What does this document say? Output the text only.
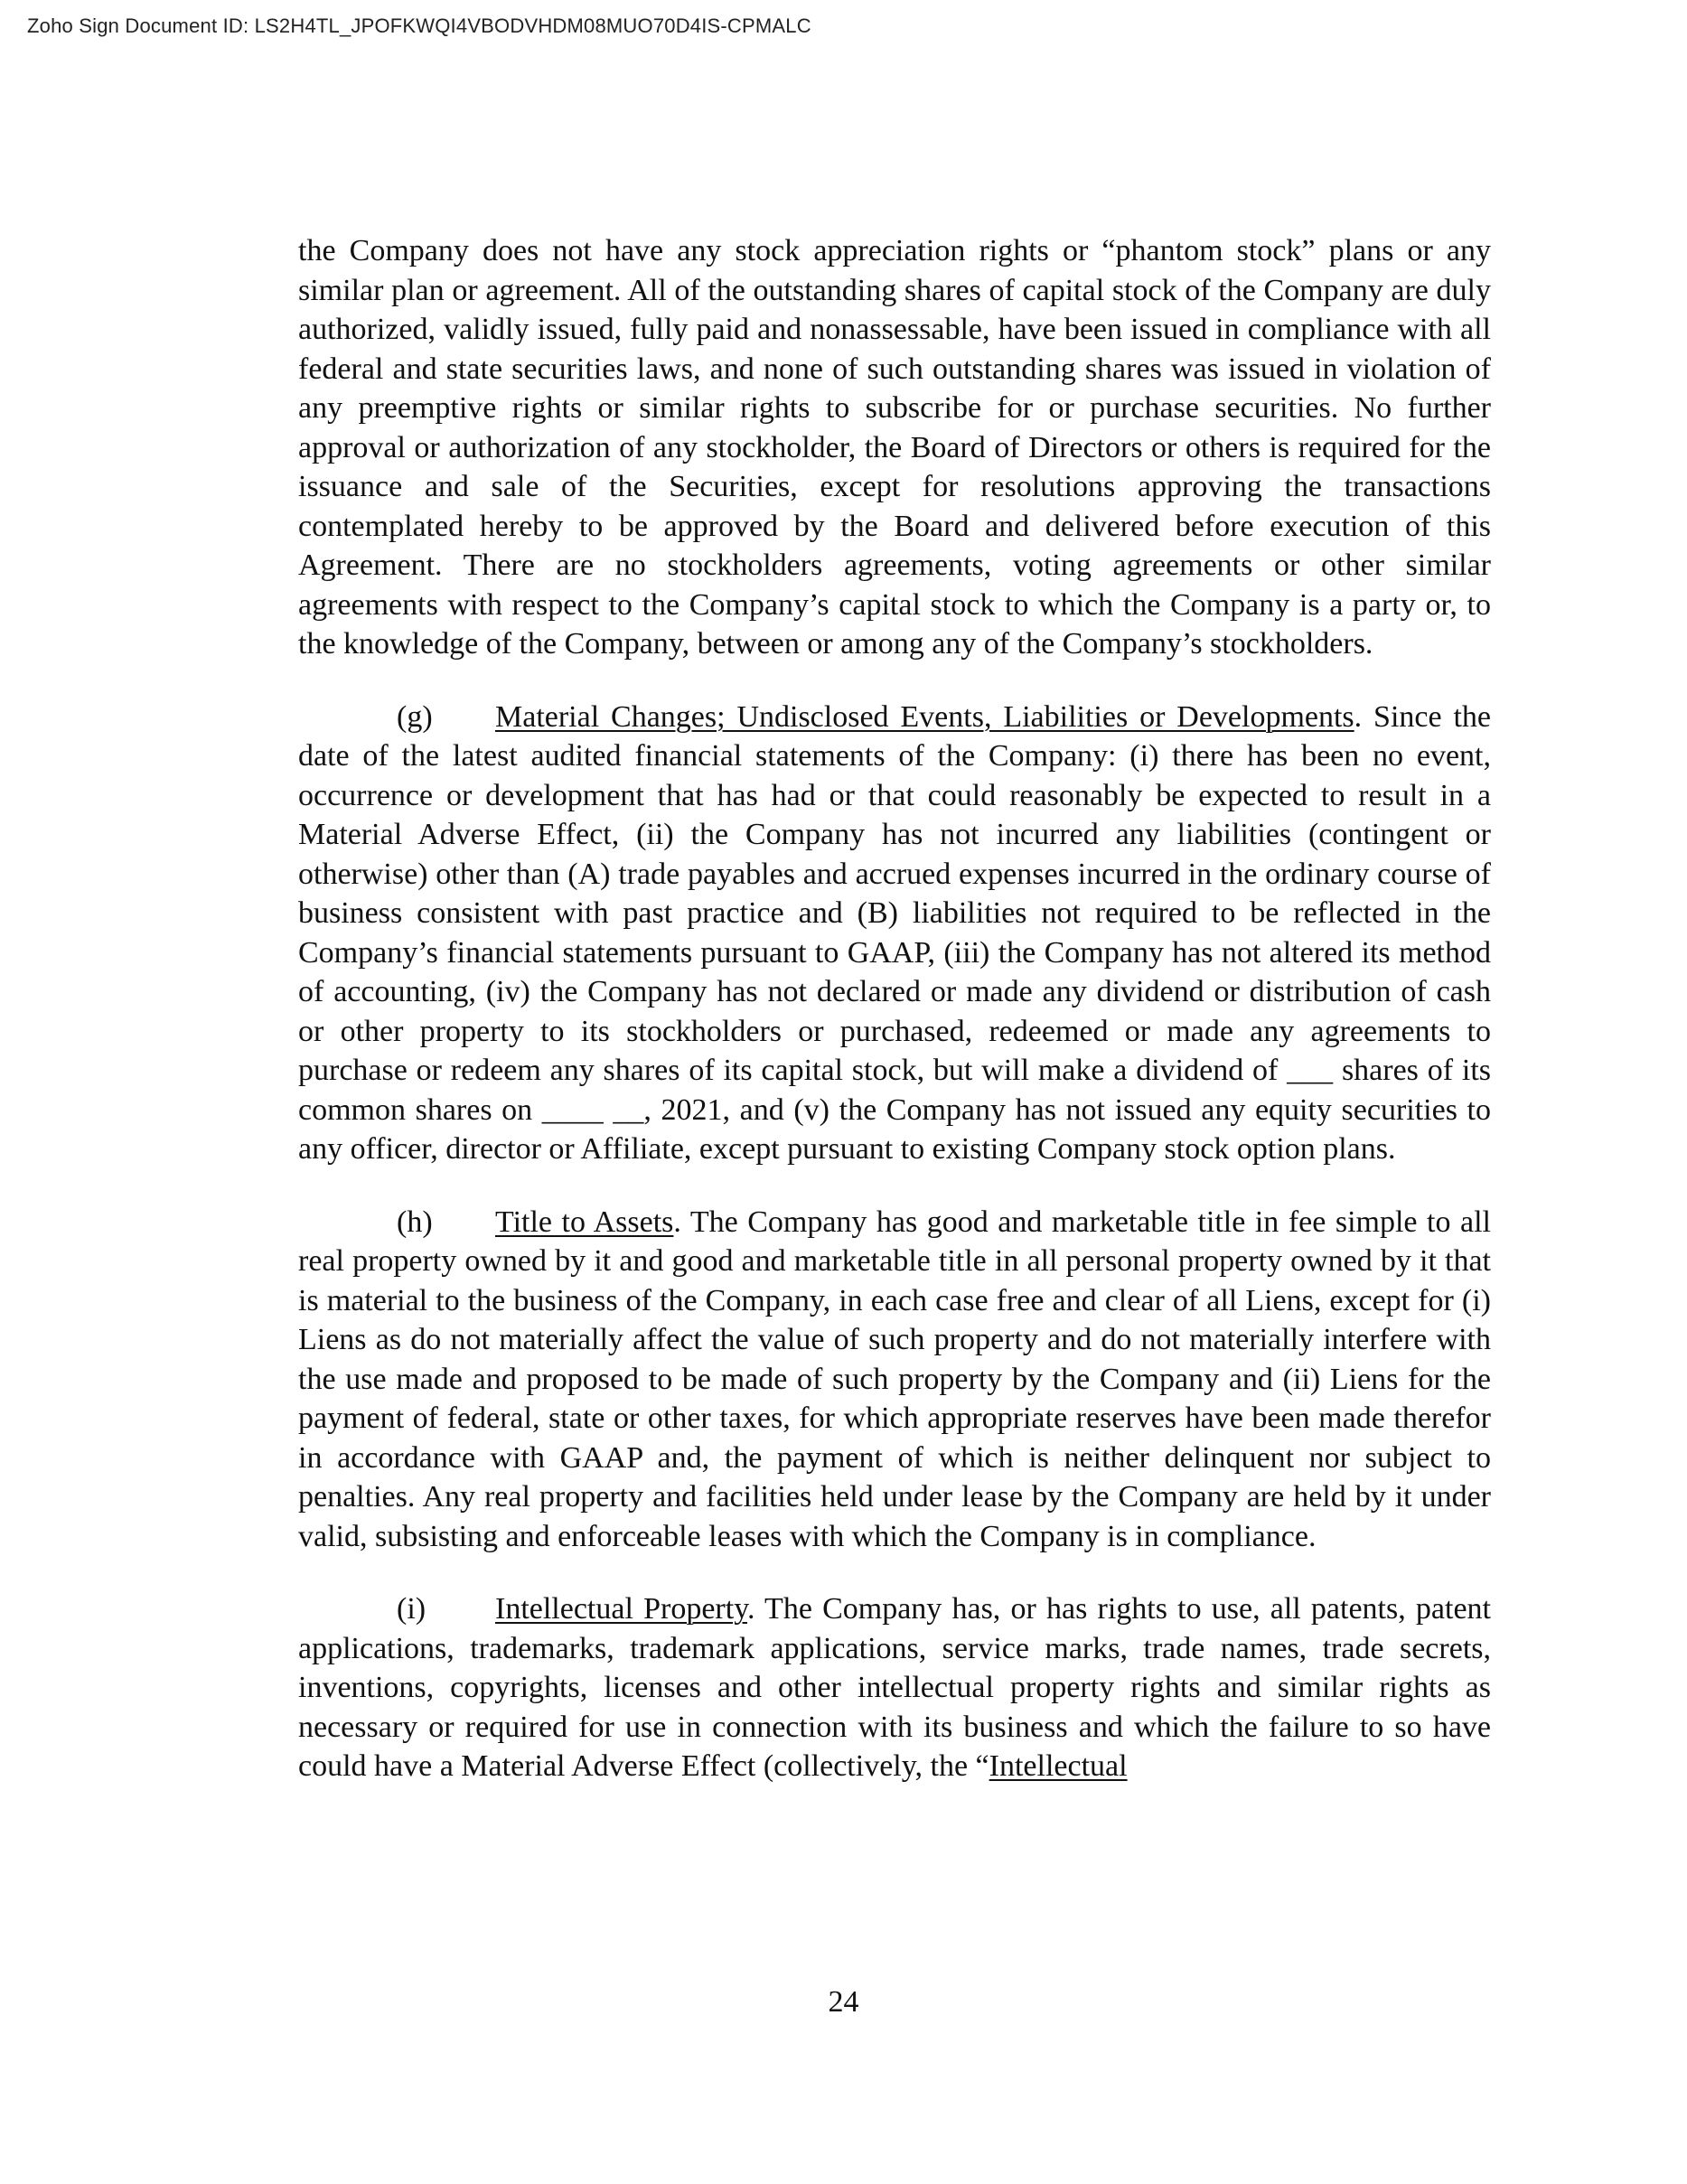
Zoho Sign Document ID: LS2H4TL_JPOFKWQI4VBODVHDM08MUO70D4IS-CPMALC

the Company does not have any stock appreciation rights or “phantom stock” plans or any similar plan or agreement. All of the outstanding shares of capital stock of the Company are duly authorized, validly issued, fully paid and nonassessable, have been issued in compliance with all federal and state securities laws, and none of such outstanding shares was issued in violation of any preemptive rights or similar rights to subscribe for or purchase securities. No further approval or authorization of any stockholder, the Board of Directors or others is required for the issuance and sale of the Securities, except for resolutions approving the transactions contemplated hereby to be approved by the Board and delivered before execution of this Agreement. There are no stockholders agreements, voting agreements or other similar agreements with respect to the Company’s capital stock to which the Company is a party or, to the knowledge of the Company, between or among any of the Company’s stockholders.

(g) Material Changes; Undisclosed Events, Liabilities or Developments. Since the date of the latest audited financial statements of the Company: (i) there has been no event, occurrence or development that has had or that could reasonably be expected to result in a Material Adverse Effect, (ii) the Company has not incurred any liabilities (contingent or otherwise) other than (A) trade payables and accrued expenses incurred in the ordinary course of business consistent with past practice and (B) liabilities not required to be reflected in the Company’s financial statements pursuant to GAAP, (iii) the Company has not altered its method of accounting, (iv) the Company has not declared or made any dividend or distribution of cash or other property to its stockholders or purchased, redeemed or made any agreements to purchase or redeem any shares of its capital stock, but will make a dividend of ___ shares of its common shares on ____ __, 2021, and (v) the Company has not issued any equity securities to any officer, director or Affiliate, except pursuant to existing Company stock option plans.

(h) Title to Assets. The Company has good and marketable title in fee simple to all real property owned by it and good and marketable title in all personal property owned by it that is material to the business of the Company, in each case free and clear of all Liens, except for (i) Liens as do not materially affect the value of such property and do not materially interfere with the use made and proposed to be made of such property by the Company and (ii) Liens for the payment of federal, state or other taxes, for which appropriate reserves have been made therefor in accordance with GAAP and, the payment of which is neither delinquent nor subject to penalties. Any real property and facilities held under lease by the Company are held by it under valid, subsisting and enforceable leases with which the Company is in compliance.

(i) Intellectual Property. The Company has, or has rights to use, all patents, patent applications, trademarks, trademark applications, service marks, trade names, trade secrets, inventions, copyrights, licenses and other intellectual property rights and similar rights as necessary or required for use in connection with its business and which the failure to so have could have a Material Adverse Effect (collectively, the “Intellectual

24
